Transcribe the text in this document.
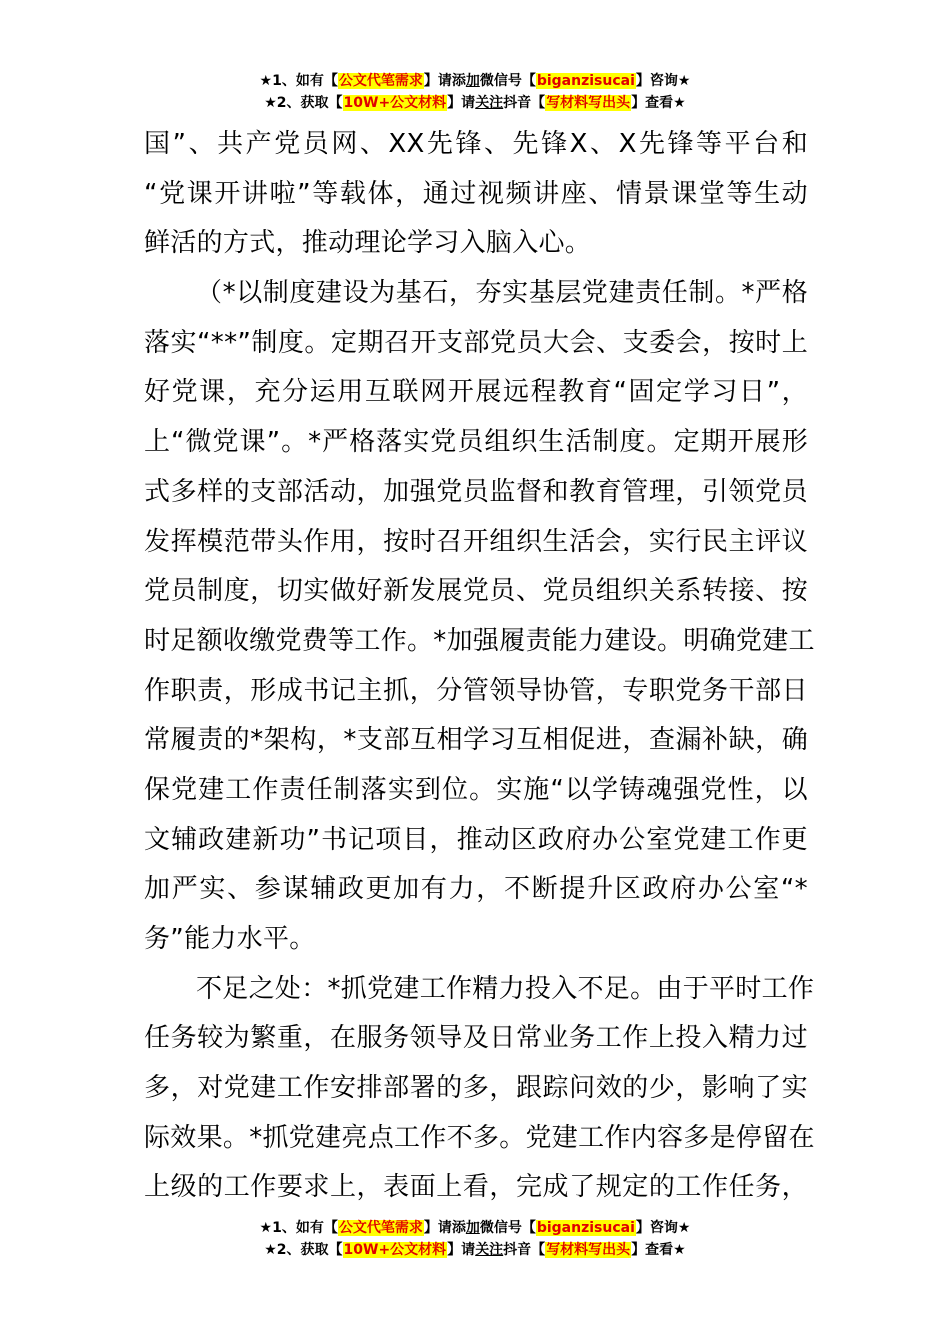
★1、如有【公文代笔需求】请添加微信号【biganzisucai】咨询★
★2、获取【10W+公文材料】请关注抖音【写材料写出头】查看★
国”、共产党员网、XX先锋、先锋X、X先锋等平台和
“党课开讲啦”等载体，通过视频讲座、情景课堂等生动
鲜活的方式，推动理论学习入脑入心。
（*以制度建设为基石，夯实基层党建责任制。*严格
落实“**”制度。定期召开支部党员大会、支委会，按时上
好党课，充分运用互联网开展远程教育“固定学习日”，
上“微党课”。*严格落实党员组织生活制度。定期开展形
式多样的支部活动，加强党员监督和教育管理，引领党员
发挥模范带头作用，按时召开组织生活会，实行民主评议
党员制度，切实做好新发展党员、党员组织关系转接、按
时足额收缴党费等工作。*加强履责能力建设。明确党建工
作职责，形成书记主抓，分管领导协管，专职党务干部日
常履责的*架构，*支部互相学习互相促进，查漏补缺，确
保党建工作责任制落实到位。实施“以学铸魂强党性，以
文辅政建新功”书记项目，推动区政府办公室党建工作更
加严实、参谋辅政更加有力，不断提升区政府办公室“*
务”能力水平。
不足之处：*抓党建工作精力投入不足。由于平时工作
任务较为繁重，在服务领导及日常业务工作上投入精力过
多，对党建工作安排部署的多，跟踪问效的少，影响了实
际效果。*抓党建亮点工作不多。党建工作内容多是停留在
上级的工作要求上，表面上看，完成了规定的工作任务，
★1、如有【公文代笔需求】请添加微信号【biganzisucai】咨询★
★2、获取【10W+公文材料】请关注抖音【写材料写出头】查看★
